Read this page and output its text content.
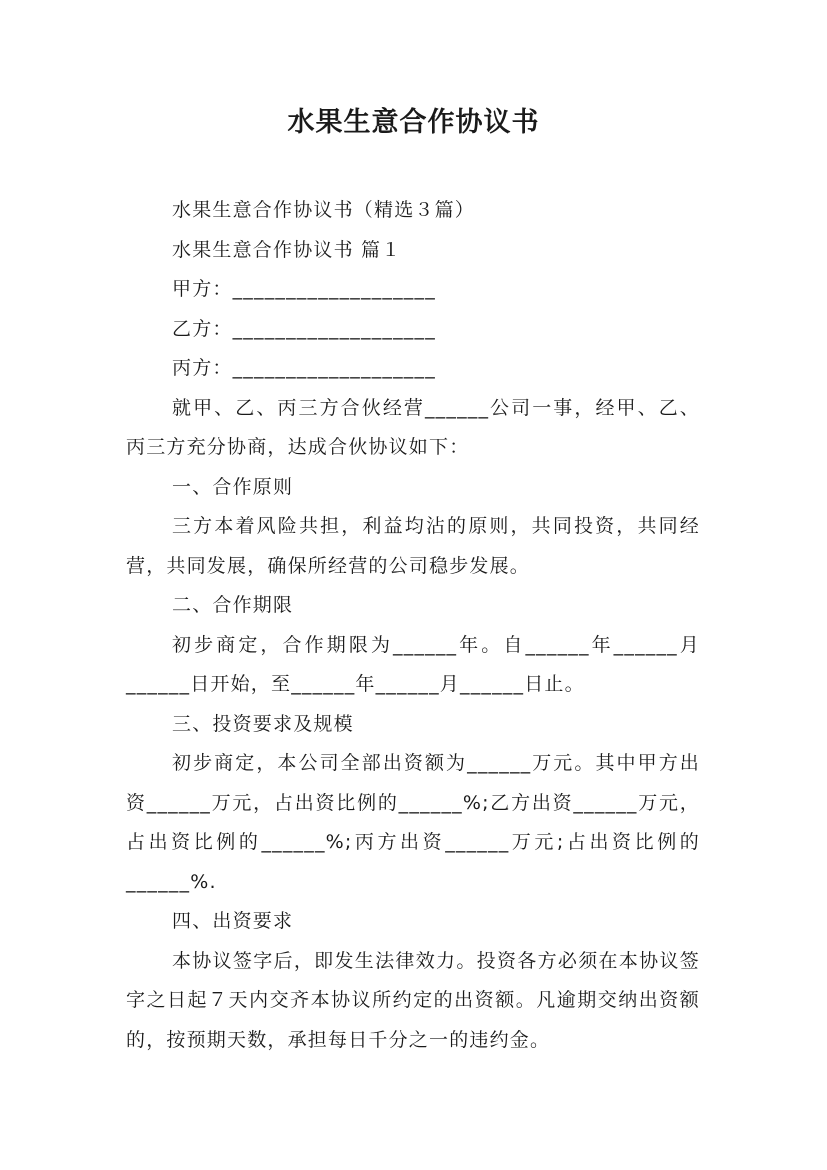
水果生意合作协议书

水果生意合作协议书（精选３篇）

水果生意合作协议书 篇１

甲方：___________________

乙方：___________________

丙方：___________________

就甲、乙、丙三方合伙经营______公司一事，经甲、乙、丙三方充分协商，达成合伙协议如下：

一、合作原则

三方本着风险共担，利益均沾的原则，共同投资，共同经营，共同发展，确保所经营的公司稳步发展。

二、合作期限

初步商定，合作期限为______年。自______年______月______日开始，至______年______月______日止。

三、投资要求及规模

初步商定，本公司全部出资额为______万元。其中甲方出资______万元，占出资比例的______%;乙方出资______万元，占出资比例的______%;丙方出资______万元;占出资比例的______%.

四、出资要求

本协议签字后，即发生法律效力。投资各方必须在本协议签字之日起７天内交齐本协议所约定的出资额。凡逾期交纳出资额的，按预期天数，承担每日千分之一的违约金。
